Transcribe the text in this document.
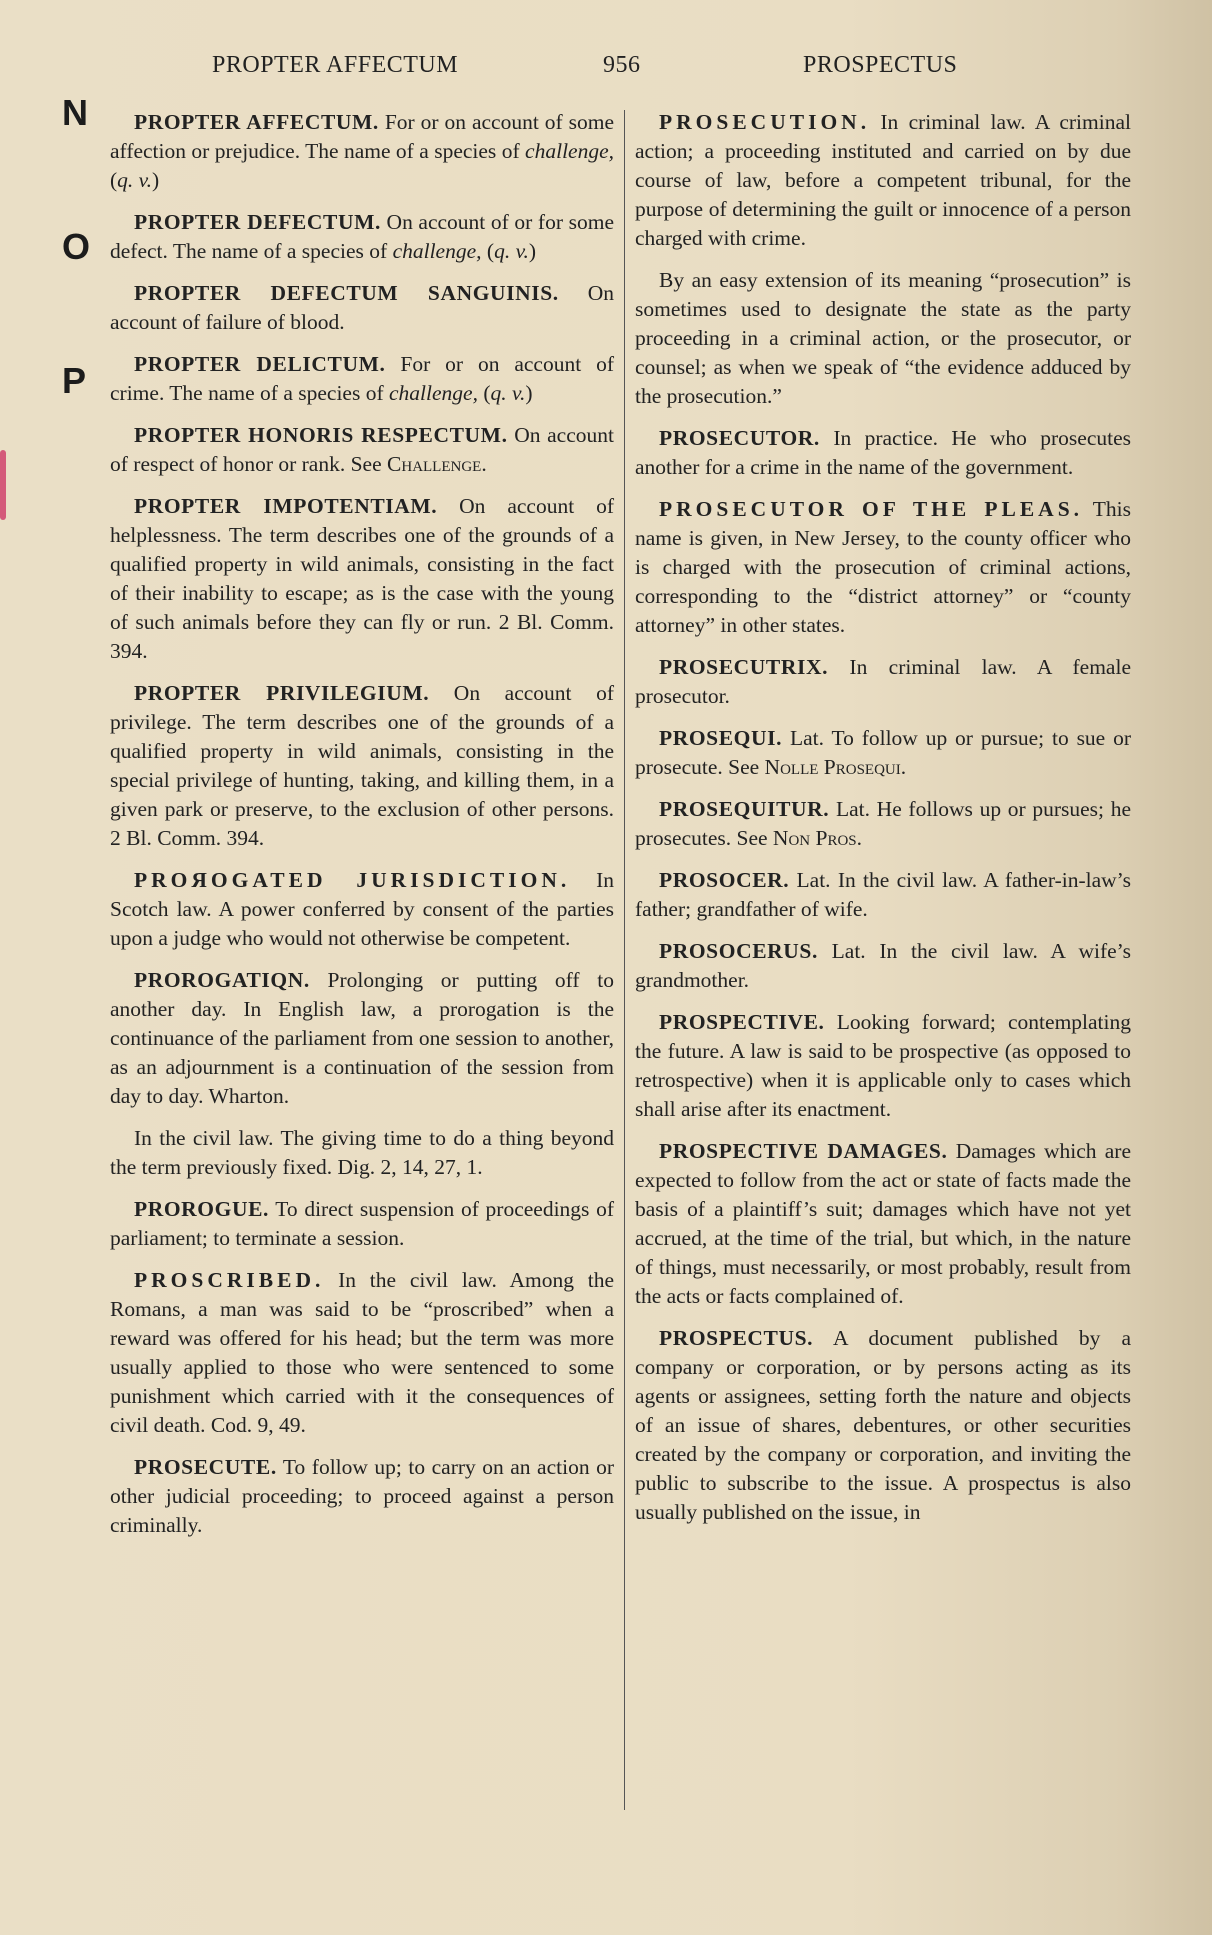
PROPTER AFFECTUM	956	PROSPECTUS
N
O
P
PROPTER AFFECTUM. For or on account of some affection or prejudice. The name of a species of challenge, (q. v.)
PROPTER DEFECTUM. On account of or for some defect. The name of a species of challenge, (q. v.)
PROPTER DEFECTUM SANGUINIS. On account of failure of blood.
PROPTER DELICTUM. For or on account of crime. The name of a species of challenge, (q. v.)
PROPTER HONORIS RESPECTUM. On account of respect of honor or rank. See Challenge.
PROPTER IMPOTENTIAM. On account of helplessness. The term describes one of the grounds of a qualified property in wild animals, consisting in the fact of their inability to escape; as is the case with the young of such animals before they can fly or run. 2 Bl. Comm. 394.
PROPTER PRIVILEGIUM. On account of privilege. The term describes one of the grounds of a qualified property in wild animals, consisting in the special privilege of hunting, taking, and killing them, in a given park or preserve, to the exclusion of other persons. 2 Bl. Comm. 394.
PROЯOGATED JURISDICTION. In Scotch law. A power conferred by consent of the parties upon a judge who would not otherwise be competent.
PROROGATIQN. Prolonging or putting off to another day. In English law, a prorogation is the continuance of the parliament from one session to another, as an adjournment is a continuation of the session from day to day. Wharton.
In the civil law. The giving time to do a thing beyond the term previously fixed. Dig. 2, 14, 27, 1.
PROROGUE. To direct suspension of proceedings of parliament; to terminate a session.
PROSCRIBED. In the civil law. Among the Romans, a man was said to be “proscribed” when a reward was offered for his head; but the term was more usually applied to those who were sentenced to some punishment which carried with it the consequences of civil death. Cod. 9, 49.
PROSECUTE. To follow up; to carry on an action or other judicial proceeding; to proceed against a person criminally.
PROSECUTION. In criminal law. A criminal action; a proceeding instituted and carried on by due course of law, before a competent tribunal, for the purpose of determining the guilt or innocence of a person charged with crime.
By an easy extension of its meaning “prosecution” is sometimes used to designate the state as the party proceeding in a criminal action, or the prosecutor, or counsel; as when we speak of “the evidence adduced by the prosecution.”
PROSECUTOR. In practice. He who prosecutes another for a crime in the name of the government.
PROSECUTOR OF THE PLEAS. This name is given, in New Jersey, to the county officer who is charged with the prosecution of criminal actions, corresponding to the “district attorney” or “county attorney” in other states.
PROSECUTRIX. In criminal law. A female prosecutor.
PROSEQUI. Lat. To follow up or pursue; to sue or prosecute. See Nolle Prosequi.
PROSEQUITUR. Lat. He follows up or pursues; he prosecutes. See Non Pros.
PROSOCER. Lat. In the civil law. A father-in-law’s father; grandfather of wife.
PROSOCERUS. Lat. In the civil law. A wife’s grandmother.
PROSPECTIVE. Looking forward; contemplating the future. A law is said to be prospective (as opposed to retrospective) when it is applicable only to cases which shall arise after its enactment.
PROSPECTIVE DAMAGES. Damages which are expected to follow from the act or state of facts made the basis of a plaintiff’s suit; damages which have not yet accrued, at the time of the trial, but which, in the nature of things, must necessarily, or most probably, result from the acts or facts complained of.
PROSPECTUS. A document published by a company or corporation, or by persons acting as its agents or assignees, setting forth the nature and objects of an issue of shares, debentures, or other securities created by the company or corporation, and inviting the public to subscribe to the issue. A prospectus is also usually published on the issue, in
